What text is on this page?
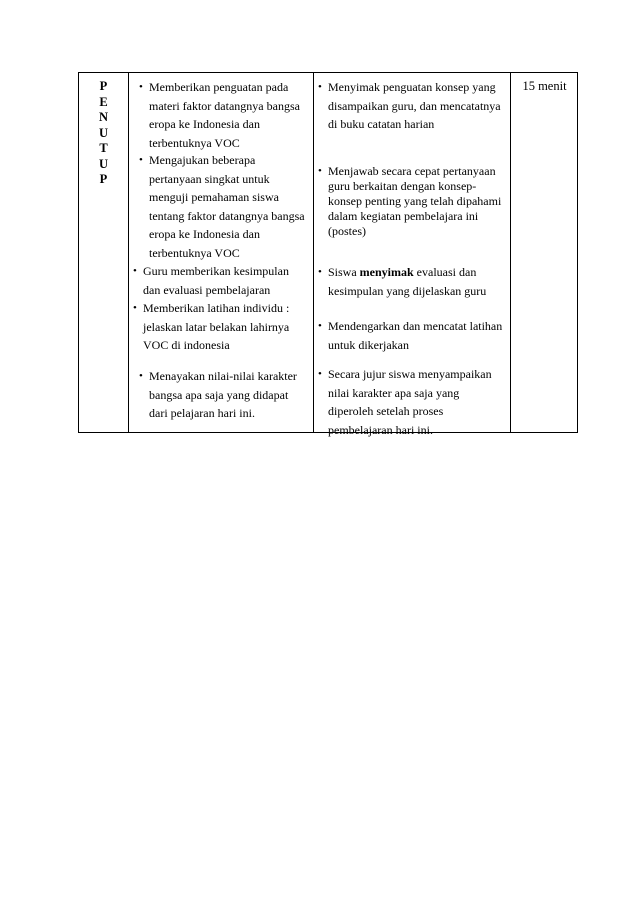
P
E
N
U
T
U
P
• Memberikan penguatan pada materi faktor datangnya bangsa eropa ke Indonesia dan terbentuknya VOC
• Mengajukan beberapa pertanyaan singkat untuk menguji pemahaman siswa tentang faktor datangnya bangsa eropa ke Indonesia dan terbentuknya VOC
• Guru memberikan kesimpulan dan evaluasi pembelajaran
• Memberikan latihan individu : jelaskan latar belakan lahirnya VOC di indonesia
• Menayakan nilai-nilai karakter bangsa apa saja yang didapat dari pelajaran hari ini.
• Menyimak penguatan konsep yang disampaikan guru, dan mencatatnya di buku catatan harian
• Menjawab secara cepat pertanyaan guru berkaitan dengan konsep-konsep penting yang telah dipahami dalam kegiatan pembelajara ini (postes)
• Siswa menyimak evaluasi dan kesimpulan yang dijelaskan guru
• Mendengarkan dan mencatat latihan untuk dikerjakan
• Secara jujur siswa menyampaikan nilai karakter apa saja yang diperoleh setelah proses pembelajaran hari ini.
15 menit
